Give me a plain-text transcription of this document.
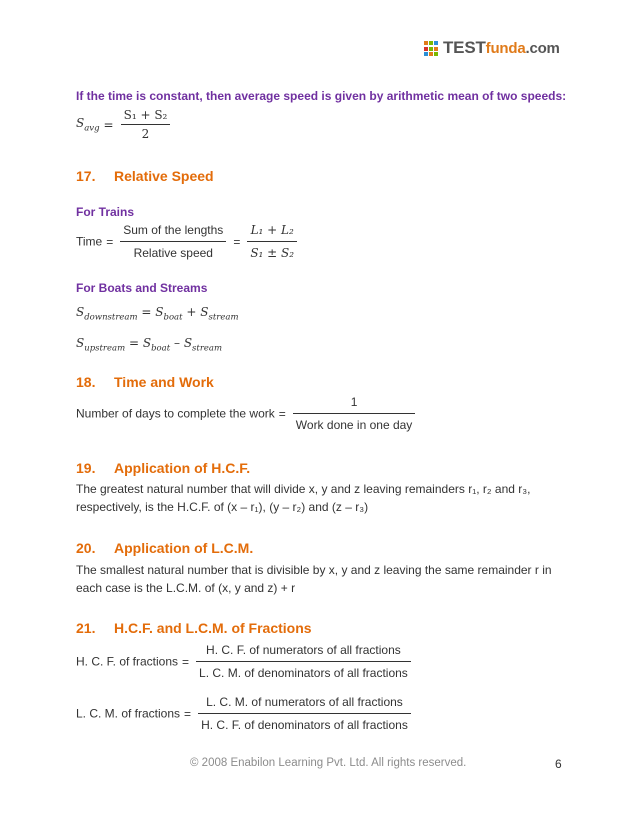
TESTfunda.com
If the time is constant, then average speed is given by arithmetic mean of two speeds:
$S_{avg} = \frac{\text{S₁ + S₂}}{2}$
17. Relative Speed
For Trains
Time = $\frac{\text{Sum of the lengths}}{\text{Relative speed}} = \frac{\text{L₁ + L₂}}{\text{S₁ ± S₂}}$
For Boats and Streams
$S_{downstream} = S_{boat} + S_{stream}$
$S_{upstream} = S_{boat} - S_{stream}$
18. Time and Work
Number of days to complete the work = $\frac{1}{\text{Work done in one day}}$
19. Application of H.C.F.
The greatest natural number that will divide x, y and z leaving remainders r₁, r₂ and r₃,
respectively, is the H.C.F. of (x – r₁), (y – r₂) and (z – r₃)
20. Application of L.C.M.
The smallest natural number that is divisible by x, y and z leaving the same remainder r in
each case is the L.C.M. of (x, y and z) + r
21. H.C.F. and L.C.M. of Fractions
H. C. F. of fractions = $\frac{\text{H. C. F. of numerators of all fractions}}{\text{L. C. M. of denominators of all fractions}}$
L. C. M. of fractions = $\frac{\text{L. C. M. of numerators of all fractions}}{\text{H. C. F. of denominators of all fractions}}$
© 2008 Enabilon Learning Pvt. Ltd. All rights reserved.	6
